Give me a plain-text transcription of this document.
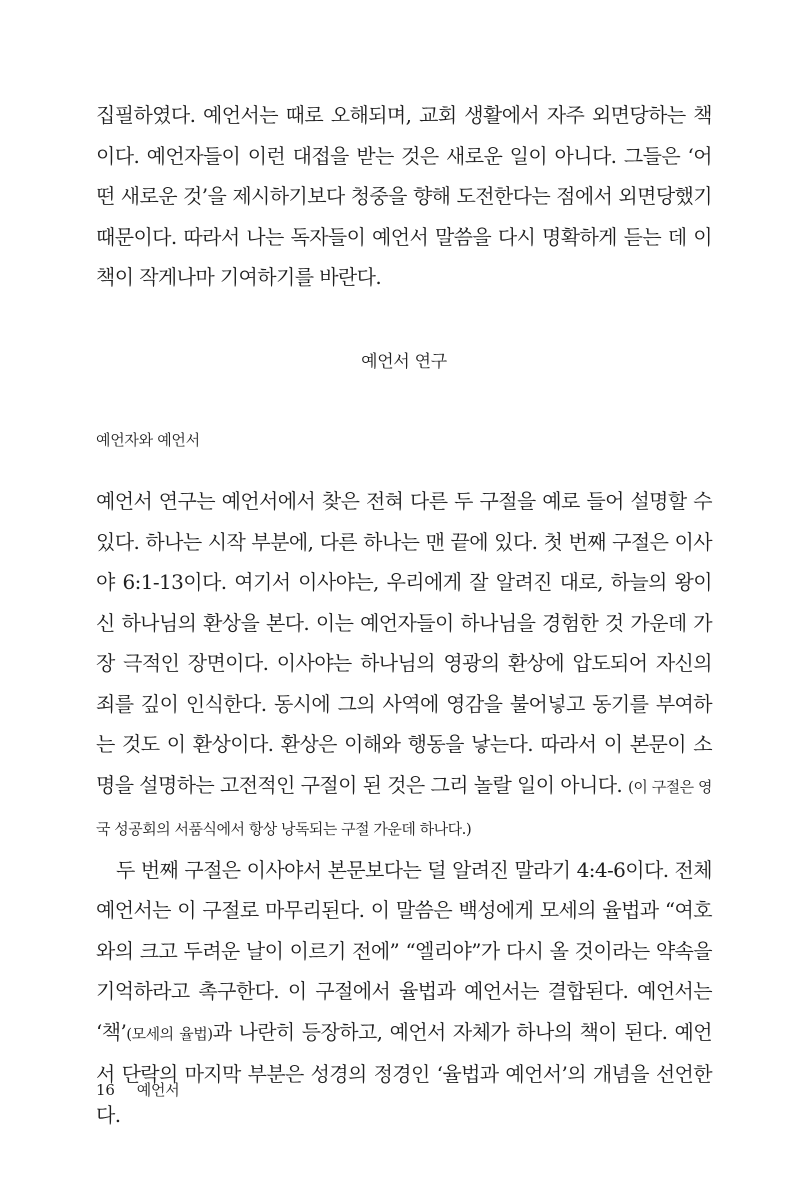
집필하였다. 예언서는 때로 오해되며, 교회 생활에서 자주 외면당하는 책이다. 예언자들이 이런 대접을 받는 것은 새로운 일이 아니다. 그들은 ‘어떤 새로운 것’을 제시하기보다 청중을 향해 도전한다는 점에서 외면당했기 때문이다. 따라서 나는 독자들이 예언서 말씀을 다시 명확하게 듣는 데 이 책이 작게나마 기여하기를 바란다.

예언서 연구
예언자와 예언서

예언서 연구는 예언서에서 찾은 전혀 다른 두 구절을 예로 들어 설명할 수 있다. 하나는 시작 부분에, 다른 하나는 맨 끝에 있다. 첫 번째 구절은 이사야 6:1-13이다. 여기서 이사야는, 우리에게 잘 알려진 대로, 하늘의 왕이신 하나님의 환상을 본다. 이는 예언자들이 하나님을 경험한 것 가운데 가장 극적인 장면이다. 이사야는 하나님의 영광의 환상에 압도되어 자신의 죄를 깊이 인식한다. 동시에 그의 사역에 영감을 불어넣고 동기를 부여하는 것도 이 환상이다. 환상은 이해와 행동을 낳는다. 따라서 이 본문이 소명을 설명하는 고전적인 구절이 된 것은 그리 놀랄 일이 아니다. (이 구절은 영국 성공회의 서품식에서 항상 낭독되는 구절 가운데 하나다.)

두 번째 구절은 이사야서 본문보다는 덜 알려진 말라기 4:4-6이다. 전체 예언서는 이 구절로 마무리된다. 이 말씀은 백성에게 모세의 율법과 “여호와의 크고 두려운 날이 이르기 전에” “엘리야”가 다시 올 것이라는 약속을 기억하라고 촉구한다. 이 구절에서 율법과 예언서는 결합된다. 예언서는 ‘책’(모세의 율법)과 나란히 등장하고, 예언서 자체가 하나의 책이 된다. 예언서 단락의 마지막 부분은 성경의 정경인 ‘율법과 예언서’의 개념을 선언한다.

16 예언서
